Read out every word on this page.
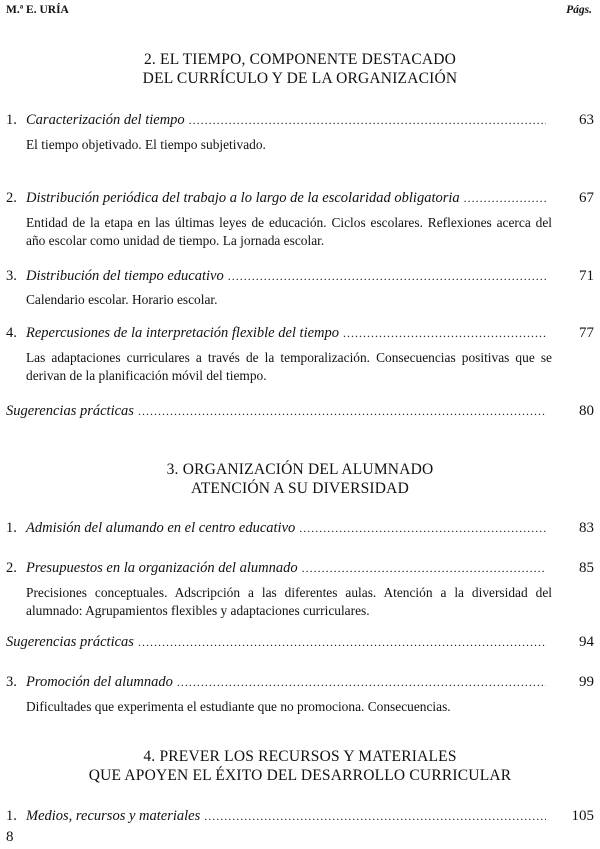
M.ª E. URÍA	Págs.
2. EL TIEMPO, COMPONENTE DESTACADO
DEL CURRÍCULO Y DE LA ORGANIZACIÓN
1. Caracterización del tiempo . . .	63
El tiempo objetivado. El tiempo subjetivado.
2. Distribución periódica del trabajo a lo largo de la escolaridad obligatoria . . .	67
Entidad de la etapa en las últimas leyes de educación. Ciclos escolares. Reflexiones acerca del año escolar como unidad de tiempo. La jornada escolar.
3. Distribución del tiempo educativo . . .	71
Calendario escolar. Horario escolar.
4. Repercusiones de la interpretación flexible del tiempo . . .	77
Las adaptaciones curriculares a través de la temporalización. Consecuencias positivas que se derivan de la planificación móvil del tiempo.
Sugerencias prácticas . . .	80
3. ORGANIZACIÓN DEL ALUMNADO
ATENCIÓN A SU DIVERSIDAD
1. Admisión del alumando en el centro educativo . . .	83
2. Presupuestos en la organización del alumnado . . .	85
Precisiones conceptuales. Adscripción a las diferentes aulas. Atención a la diversidad del alumnado: Agrupamientos flexibles y adaptaciones curriculares.
Sugerencias prácticas . . .	94
3. Promoción del alumnado . . .	99
Dificultades que experimenta el estudiante que no promociona. Consecuencias.
4. PREVER LOS RECURSOS Y MATERIALES
QUE APOYEN EL ÉXITO DEL DESARROLLO CURRICULAR
1. Medios, recursos y materiales . . .	105
8
